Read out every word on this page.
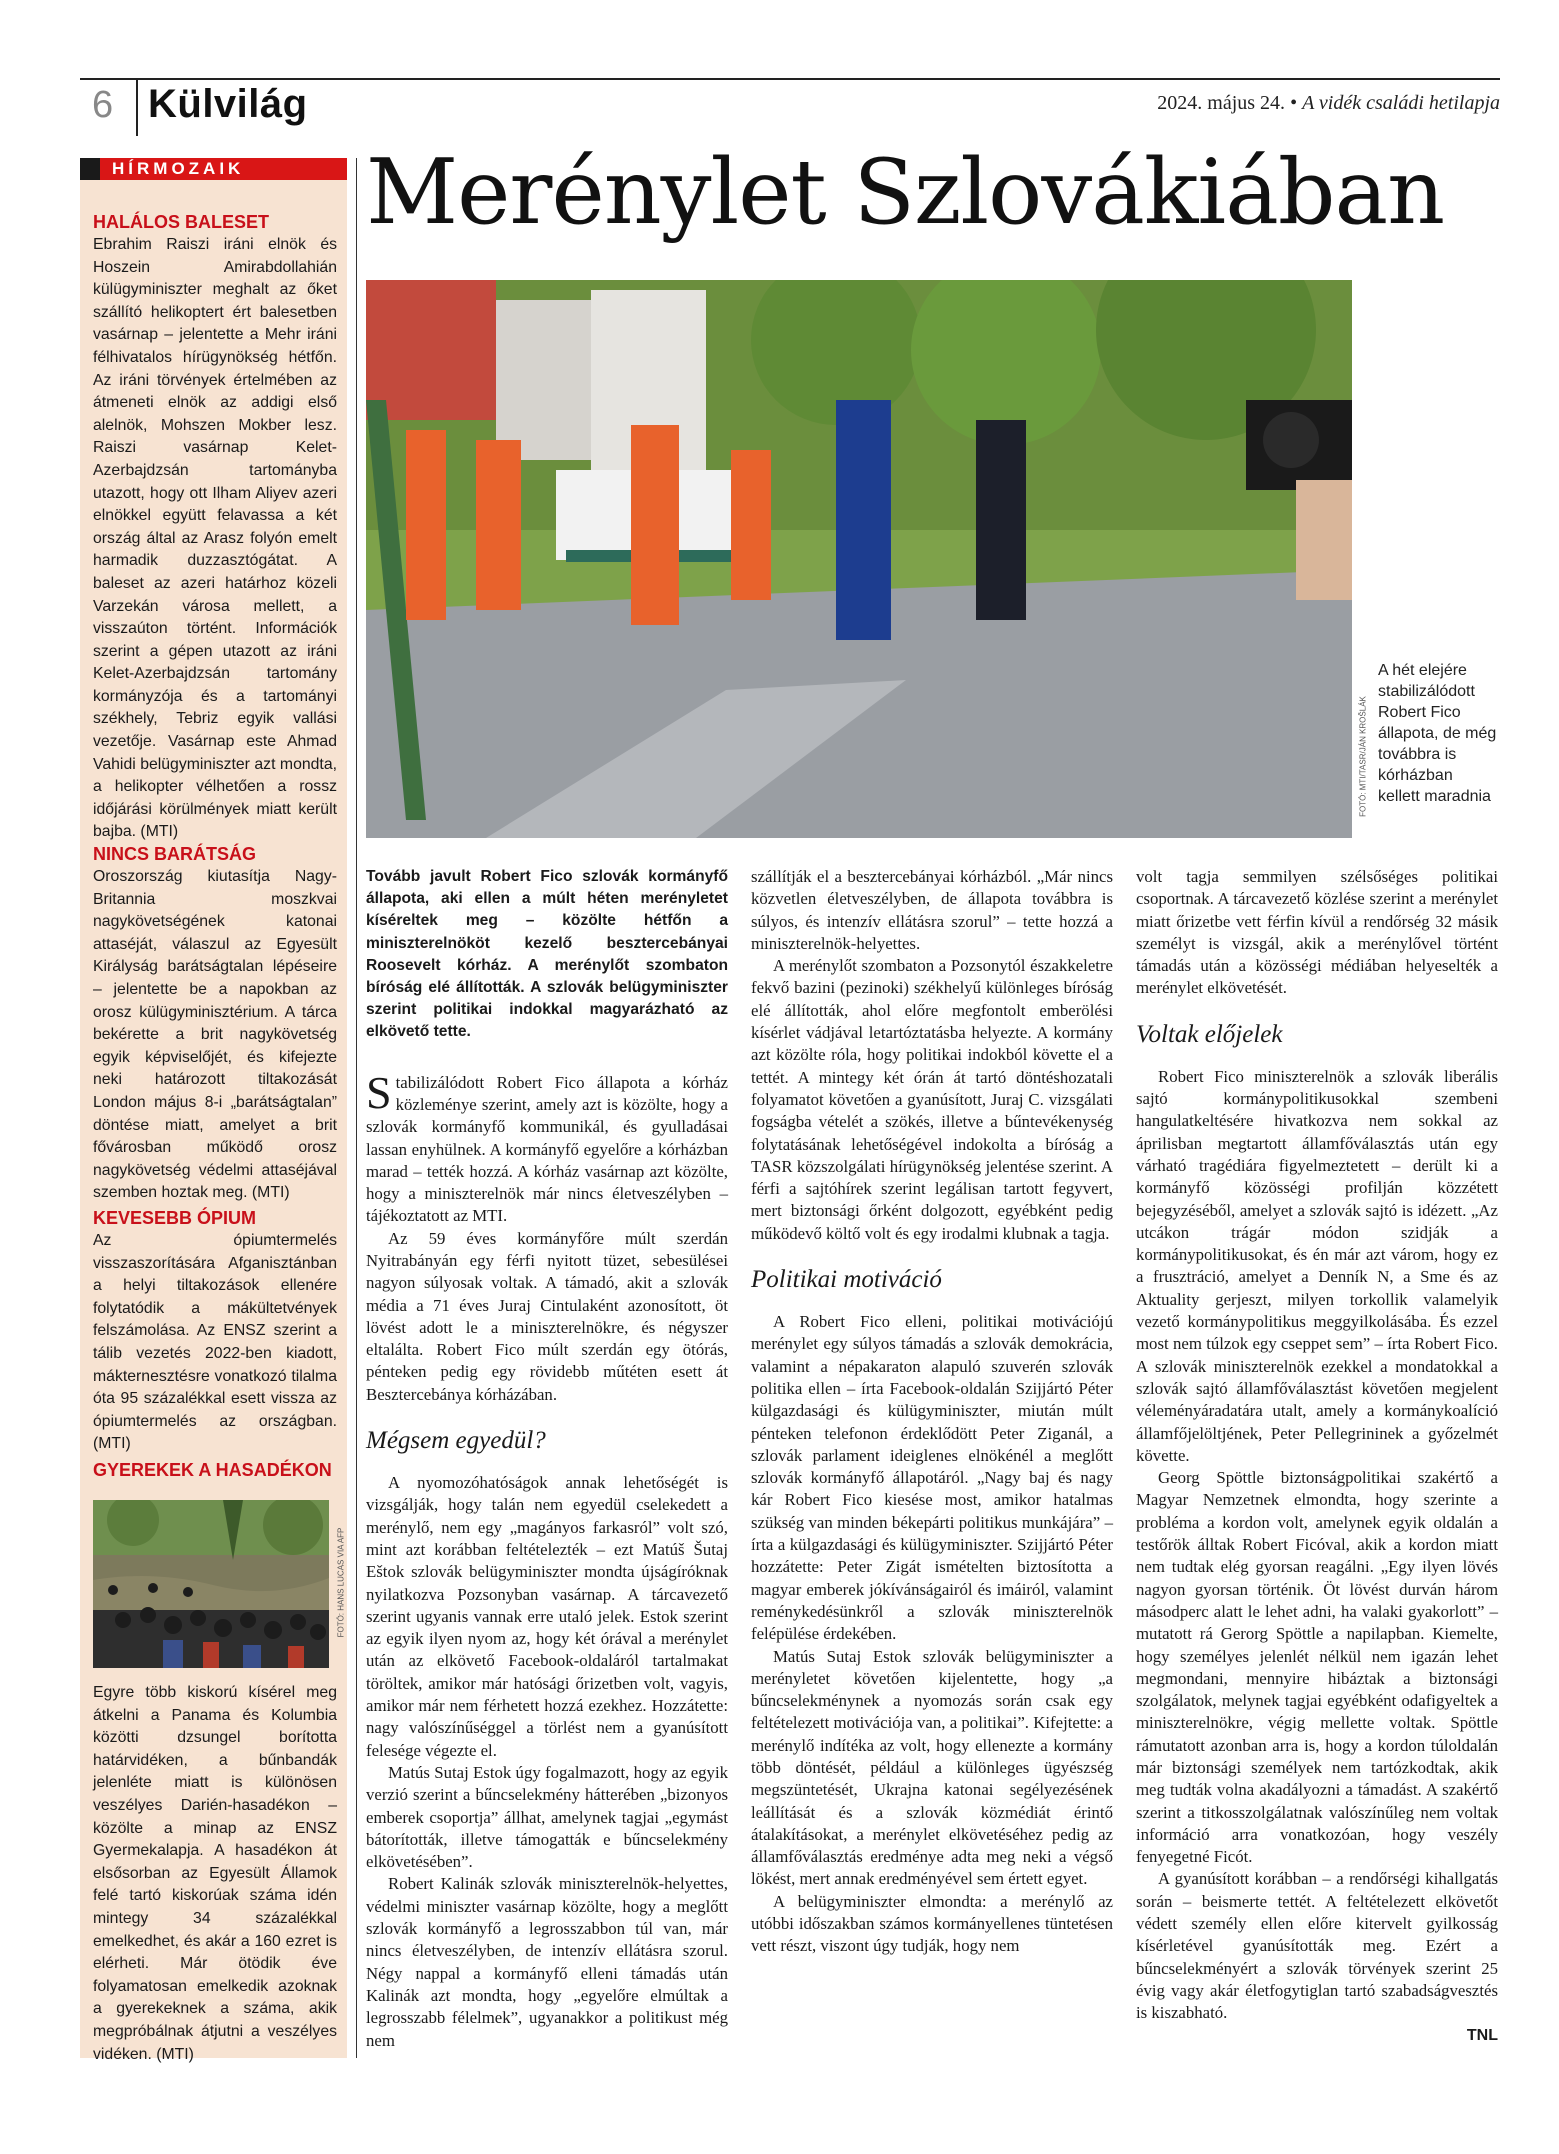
6 Külvilág	2024. május 24. • A vidék családi hetilapja
HÍRMOZAIK
HALÁLOS BALESET
Ebrahim Raiszi iráni elnök és Hoszein Amirabdollahián külügyminiszter meghalt az őket szállító helikoptert ért balesetben vasárnap – jelentette a Mehr iráni félhivatalos hírügynökség hétfőn. Az iráni törvények értelmében az átmeneti elnök az addigi első alelnök, Mohszen Mokber lesz. Raiszi vasárnap Kelet-Azerbajdzsán tartományba utazott, hogy ott Ilham Aliyev azeri elnökkel együtt felavassa a két ország által az Arasz folyón emelt harmadik duzzasztógátat. A baleset az azeri határhoz közeli Varzekán városa mellett, a visszaúton történt. Információk szerint a gépen utazott az iráni Kelet-Azerbajdzsán tartomány kormányzója és a tartományi székhely, Tebriz egyik vallási vezetője. Vasárnap este Ahmad Vahidi belügyminiszter azt mondta, a helikopter vélhetően a rossz időjárási körülmények miatt került bajba. (MTI)
NINCS BARÁTSÁG
Oroszország kiutasítja Nagy-Britannia moszkvai nagykövetségének katonai attaséját, válaszul az Egyesült Királyság barátságtalan lépéseire – jelentette be a napokban az orosz külügyminisztérium. A tárca bekérette a brit nagykövetség egyik képviselőjét, és kifejezte neki határozott tiltakozását London május 8-i „barátságtalan” döntése miatt, amelyet a brit fővárosban működő orosz nagykövetség védelmi attaséjával szemben hoztak meg. (MTI)
KEVESEBB ÓPIUM
Az ópiumtermelés visszaszorítására Afganisztánban a helyi tiltakozások ellenére folytatódik a mákültetvények felszámolása. Az ENSZ szerint a tálib vezetés 2022-ben kiadott, mákternesztésre vonatkozó tilalma óta 95 százalékkal esett vissza az ópiumtermelés az országban. (MTI)
GYEREKEK A HASADÉKON
FOTÓ: HANS LUCAS VIA AFP
Egyre több kiskorú kísérel meg átkelni a Panama és Kolumbia közötti dzsungel borította határvidéken, a bűnbandák jelenléte miatt is különösen veszélyes Darién-hasadékon – közölte a minap az ENSZ Gyermekalapja. A hasadékon át elsősorban az Egyesült Államok felé tartó kiskorúak száma idén mintegy 34 százalékkal emelkedhet, és akár a 160 ezret is elérheti. Már ötödik éve folyamatosan emelkedik azoknak a gyerekeknek a száma, akik megpróbálnak átjutni a veszélyes vidéken. (MTI)
Merénylet Szlovákiában
FOTÓ: MTI/TASR/JÁN KROŠLÁK
A hét elejére stabilizálódott Robert Fico állapota, de még továbbra is kórházban kellett maradnia
Tovább javult Robert Fico szlovák kormányfő állapota, aki ellen a múlt héten merényletet kíséreltek meg – közölte hétfőn a miniszterelnököt kezelő besztercebányai Roosevelt kórház. A merénylőt szombaton bíróság elé állították. A szlovák belügyminiszter szerint politikai indokkal magyarázható az elkövető tette.

Stabilizálódott Robert Fico állapota a kórház közleménye szerint, amely azt is közölte, hogy a szlovák kormányfő kommunikál, és gyulladásai lassan enyhülnek. A kormányfő egyelőre a kórházban marad – tették hozzá. A kórház vasárnap azt közölte, hogy a miniszterelnök már nincs életveszélyben – tájékoztatott az MTI.

Az 59 éves kormányfőre múlt szerdán Nyitrabányán egy férfi nyitott tüzet, sebesülései nagyon súlyosak voltak. A támadó, akit a szlovák média a 71 éves Juraj Cintulaként azonosított, öt lövést adott le a miniszterelnökre, és négyszer eltalálta. Robert Fico múlt szerdán egy ötórás, pénteken pedig egy rövidebb műtéten esett át Besztercebánya kórházában.

Mégsem egyedül?

A nyomozóhatóságok annak lehetőségét is vizsgálják, hogy talán nem egyedül cselekedett a merénylő, nem egy „magányos farkasról” volt szó, mint azt korábban feltételezték – ezt Matúš Šutaj Eštok szlovák belügyminiszter mondta újságíróknak nyilatkozva Pozsonyban vasárnap. A tárcavezető szerint ugyanis vannak erre utaló jelek. Estok szerint az egyik ilyen nyom az, hogy két órával a merénylet után az elkövető Facebook-oldaláról tartalmakat töröltek, amikor már hatósági őrizetben volt, vagyis, amikor már nem férhetett hozzá ezekhez. Hozzátette: nagy valószínűséggel a törlést nem a gyanúsított felesége végezte el.

Matús Sutaj Estok úgy fogalmazott, hogy az egyik verzió szerint a bűncselekmény hátterében „bizonyos emberek csoportja” állhat, amelynek tagjai „egymást bátorították, illetve támogatták e bűncselekmény elkövetésében”.

Robert Kalinák szlovák miniszterelnök-helyettes, védelmi miniszter vasárnap közölte, hogy a meglőtt szlovák kormányfő a legrosszabbon túl van, már nincs életveszélyben, de intenzív ellátásra szorul. Négy nappal a kormányfő elleni támadás után Kalinák azt mondta, hogy „egyelőre elmúltak a legrosszabb félelmek”, ugyanakkor a politikust még nem

szállítják el a besztercebányai kórházból. „Már nincs közvetlen életveszélyben, de állapota továbbra is súlyos, és intenzív ellátásra szorul” – tette hozzá a miniszterelnök-helyettes.

A merénylőt szombaton a Pozsonytól északkeletre fekvő bazini (pezinoki) székhelyű különleges bíróság elé állították, ahol előre megfontolt emberölési kísérlet vádjával letartóztatásba helyezte. A kormány azt közölte róla, hogy politikai indokból követte el a tettét. A mintegy két órán át tartó döntéshozatali folyamatot követően a gyanúsított, Juraj C. vizsgálati fogságba vételét a szökés, illetve a bűntevékenység folytatásának lehetőségével indokolta a bíróság a TASR közszolgálati hírügynökség jelentése szerint. A férfi a sajtóhírek szerint legálisan tartott fegyvert, mert biztonsági őrként dolgozott, egyébként pedig működevő költő volt és egy irodalmi klubnak a tagja.

Politikai motiváció

A Robert Fico elleni, politikai motivációjú merénylet egy súlyos támadás a szlovák demokrácia, valamint a népakaraton alapuló szuverén szlovák politika ellen – írta Facebook-oldalán Szijjártó Péter külgazdasági és külügyminiszter, miután múlt pénteken telefonon érdeklődött Peter Ziganál, a szlovák parlament ideiglenes elnökénél a meglőtt szlovák kormányfő állapotáról. „Nagy baj és nagy kár Robert Fico kiesése most, amikor hatalmas szükség van minden békepárti politikus munkájára” – írta a külgazdasági és külügyminiszter. Szijjártó Péter hozzátette: Peter Zigát ismételten biztosította a magyar emberek jókívánságairól és imáiról, valamint reménykedésünkről a szlovák miniszterelnök felépülése érdekében.

Matús Sutaj Estok szlovák belügyminiszter a merényletet követően kijelentette, hogy „a bűncselekménynek a nyomozás során csak egy feltételezett motivációja van, a politikai”. Kifejtette: a merénylő indítéka az volt, hogy ellenezte a kormány több döntését, például a különleges ügyészség megszüntetését, Ukrajna katonai segélyezésének leállítását és a szlovák közmédiát érintő átalakításokat, a merénylet elkövetéséhez pedig az államfőválasztás eredménye adta meg neki a végső lökést, mert annak eredményével sem értett egyet.

A belügyminiszter elmondta: a merénylő az utóbbi időszakban számos kormányellenes tüntetésen vett részt, viszont úgy tudják, hogy nem

volt tagja semmilyen szélsőséges politikai csoportnak. A tárcavezető közlése szerint a merénylet miatt őrizetbe vett férfin kívül a rendőrség 32 másik személyt is vizsgál, akik a merénylővel történt támadás után a közösségi médiában helyeselték a merénylet elkövetését.

Voltak előjelek

Robert Fico miniszterelnök a szlovák liberális sajtó kormánypolitikusokkal szembeni hangulatkeltésére hivatkozva nem sokkal az áprilisban megtartott államfőválasztás után egy várható tragédiára figyelmeztetett – derült ki a kormányfő közösségi profilján közzétett bejegyzéséből, amelyet a szlovák sajtó is idézett. „Az utcákon trágár módon szidják a kormánypolitikusokat, és én már azt várom, hogy ez a frusztráció, amelyet a Denník N, a Sme és az Aktuality gerjeszt, milyen torkollik valamelyik vezető kormánypolitikus meggyilkolásába. És ezzel most nem túlzok egy cseppet sem” – írta Robert Fico. A szlovák miniszterelnök ezekkel a mondatokkal a szlovák sajtó államfőválasztást követően megjelent véleményáradatára utalt, amely a kormánykoalíció államfőjelöltjének, Peter Pellegrininek a győzelmét követte.

Georg Spöttle biztonságpolitikai szakértő a Magyar Nemzetnek elmondta, hogy szerinte a probléma a kordon volt, amelynek egyik oldalán a testőrök álltak Robert Ficóval, akik a kordon miatt nem tudtak elég gyorsan reagálni. „Egy ilyen lövés nagyon gyorsan történik. Öt lövést durván három másodperc alatt le lehet adni, ha valaki gyakorlott” – mutatott rá Gerorg Spöttle a napilapban. Kiemelte, hogy személyes jelenlét nélkül nem igazán lehet megmondani, mennyire hibáztak a biztonsági szolgálatok, melynek tagjai egyébként odafigyeltek a miniszterelnökre, végig mellette voltak. Spöttle rámutatott azonban arra is, hogy a kordon túloldalán már biztonsági személyek nem tartózkodtak, akik meg tudták volna akadályozni a támadást. A szakértő szerint a titkosszolgálatnak valószínűleg nem voltak információ arra vonatkozóan, hogy veszély fenyegetné Ficót.

A gyanúsított korábban – a rendőrségi kihallgatás során – beismerte tettét. A feltételezett elkövetőt védett személy ellen előre kitervelt gyilkosság kísérletével gyanúsították meg. Ezért a bűncselekményért a szlovák törvények szerint 25 évig vagy akár életfogytiglan tartó szabadságvesztés is kiszabható.

TNL
